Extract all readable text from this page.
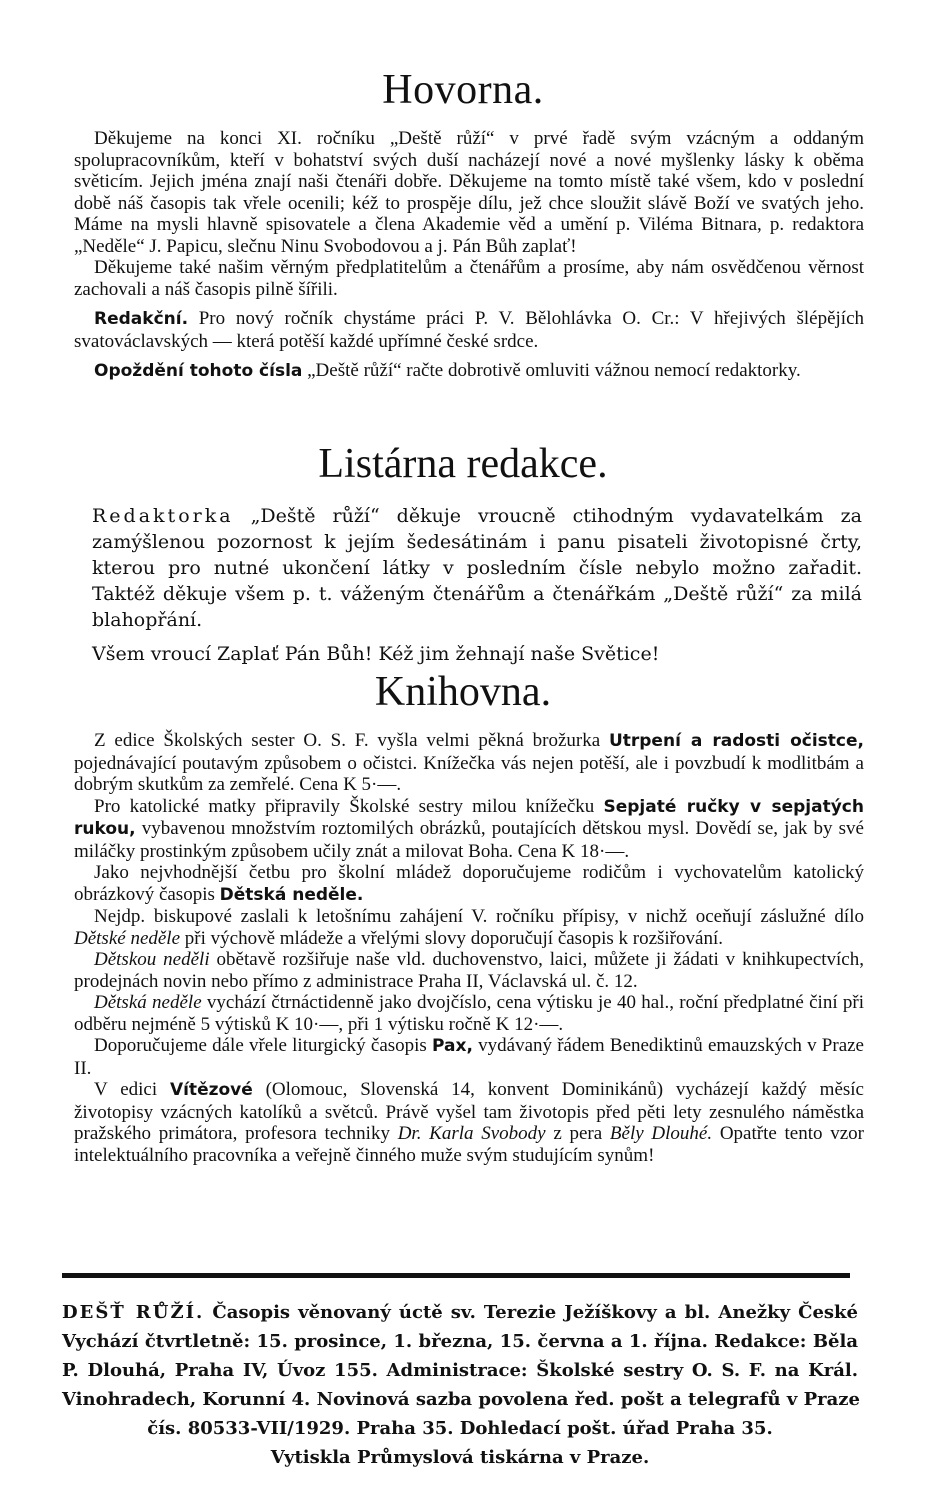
Hovorna.

Děkujeme na konci XI. ročníku „Deště růží“ v prvé řadě svým vzácným a oddaným spolupracovníkům, kteří v bohatství svých duší nacházejí nové a nové myšlenky lásky k oběma světicím. Jejich jména znají naši čtenáři dobře. Děkujeme na tomto místě také všem, kdo v poslední době náš časopis tak vřele ocenili; kéž to prospěje dílu, jež chce sloužit slávě Boží ve svatých jeho. Máme na mysli hlavně spisovatele a člena Akademie věd a umění p. Viléma Bitnara, p. redaktora „Neděle“ J. Papicu, slečnu Ninu Svobodovou a j. Pán Bůh zaplať!

Děkujeme také našim věrným předplatitelům a čtenářům a prosíme, aby nám osvědčenou věrnost zachovali a náš časopis pilně šířili.

Redakční. Pro nový ročník chystáme práci P. V. Bělohlávka O. Cr.: V hřejivých šlépějích svatováclavských — která potěší každé upřímné české srdce.

Opoždění tohoto čísla „Deště růží“ račte dobrotivě omluviti vážnou nemocí redaktorky.

Listárna redakce.

Redaktorka „Deště růží“ děkuje vroucně ctihodným vydavatelkám za zamýšlenou pozornost k jejím šedesátinám i panu pisateli životopisné črty, kterou pro nutné ukončení látky v posledním čísle nebylo možno zařadit. Taktéž děkuje všem p. t. váženým čtenářům a čtenářkám „Deště růží“ za milá blahopřání.

Všem vroucí Zaplať Pán Bůh! Kéž jim žehnají naše Světice!

Knihovna.

Z edice Školských sester O. S. F. vyšla velmi pěkná brožurka Utrpení a radosti očistce, pojednávající poutavým způsobem o očistci. Knížečka vás nejen potěší, ale i povzbudí k modlitbám a dobrým skutkům za zemřelé. Cena K 5·—.

Pro katolické matky připravily Školské sestry milou knížečku Sepjaté ručky v sepjatých rukou, vybavenou množstvím roztomilých obrázků, poutajících dětskou mysl. Dovědí se, jak by své miláčky prostinkým způsobem učily znát a milovat Boha. Cena K 18·—.

Jako nejvhodnější četbu pro školní mládež doporučujeme rodičům i vychovatelům katolický obrázkový časopis Dětská neděle.

Nejdp. biskupové zaslali k letošnímu zahájení V. ročníku přípisy, v nichž oceňují záslužné dílo Dětské neděle při výchově mládeže a vřelými slovy doporučují časopis k rozšiřování.

Dětskou neděli obětavě rozšiřuje naše vld. duchovenstvo, laici, můžete ji žádati v knihkupectvích, prodejnách novin nebo přímo z administrace Praha II, Václavská ul. č. 12.

Dětská neděle vychází čtrnáctidenně jako dvojčíslo, cena výtisku je 40 hal., roční předplatné činí při odběru nejméně 5 výtisků K 10·—, při 1 výtisku ročně K 12·—.

Doporučujeme dále vřele liturgický časopis Pax, vydávaný řádem Benediktinů emauzských v Praze II.

V edici Vítězové (Olomouc, Slovenská 14, konvent Dominikánů) vycházejí každý měsíc životopisy vzácných katolíků a světců. Právě vyšel tam životopis před pěti lety zesnulého náměstka pražského primátora, profesora techniky Dr. Karla Svobody z pera Běly Dlouhé. Opatřte tento vzor intelektuálního pracovníka a veřejně činného muže svým studujícím synům!

DEŠŤ RŮŽÍ. Časopis věnovaný úctě sv. Terezie Ježíškovy a bl. Anežky České
Vychází čtvrtletně: 15. prosince, 1. března, 15. června a 1. října. Redakce: Běla
P. Dlouhá, Praha IV, Úvoz 155. Administrace: Školské sestry O. S. F. na Král.
Vinohradech, Korunní 4. Novinová sazba povolena řed. pošt a telegrafů v Praze
čís. 80533-VII/1929. Praha 35. Dohledací pošt. úřad Praha 35.
Vytiskla Průmyslová tiskárna v Praze.
